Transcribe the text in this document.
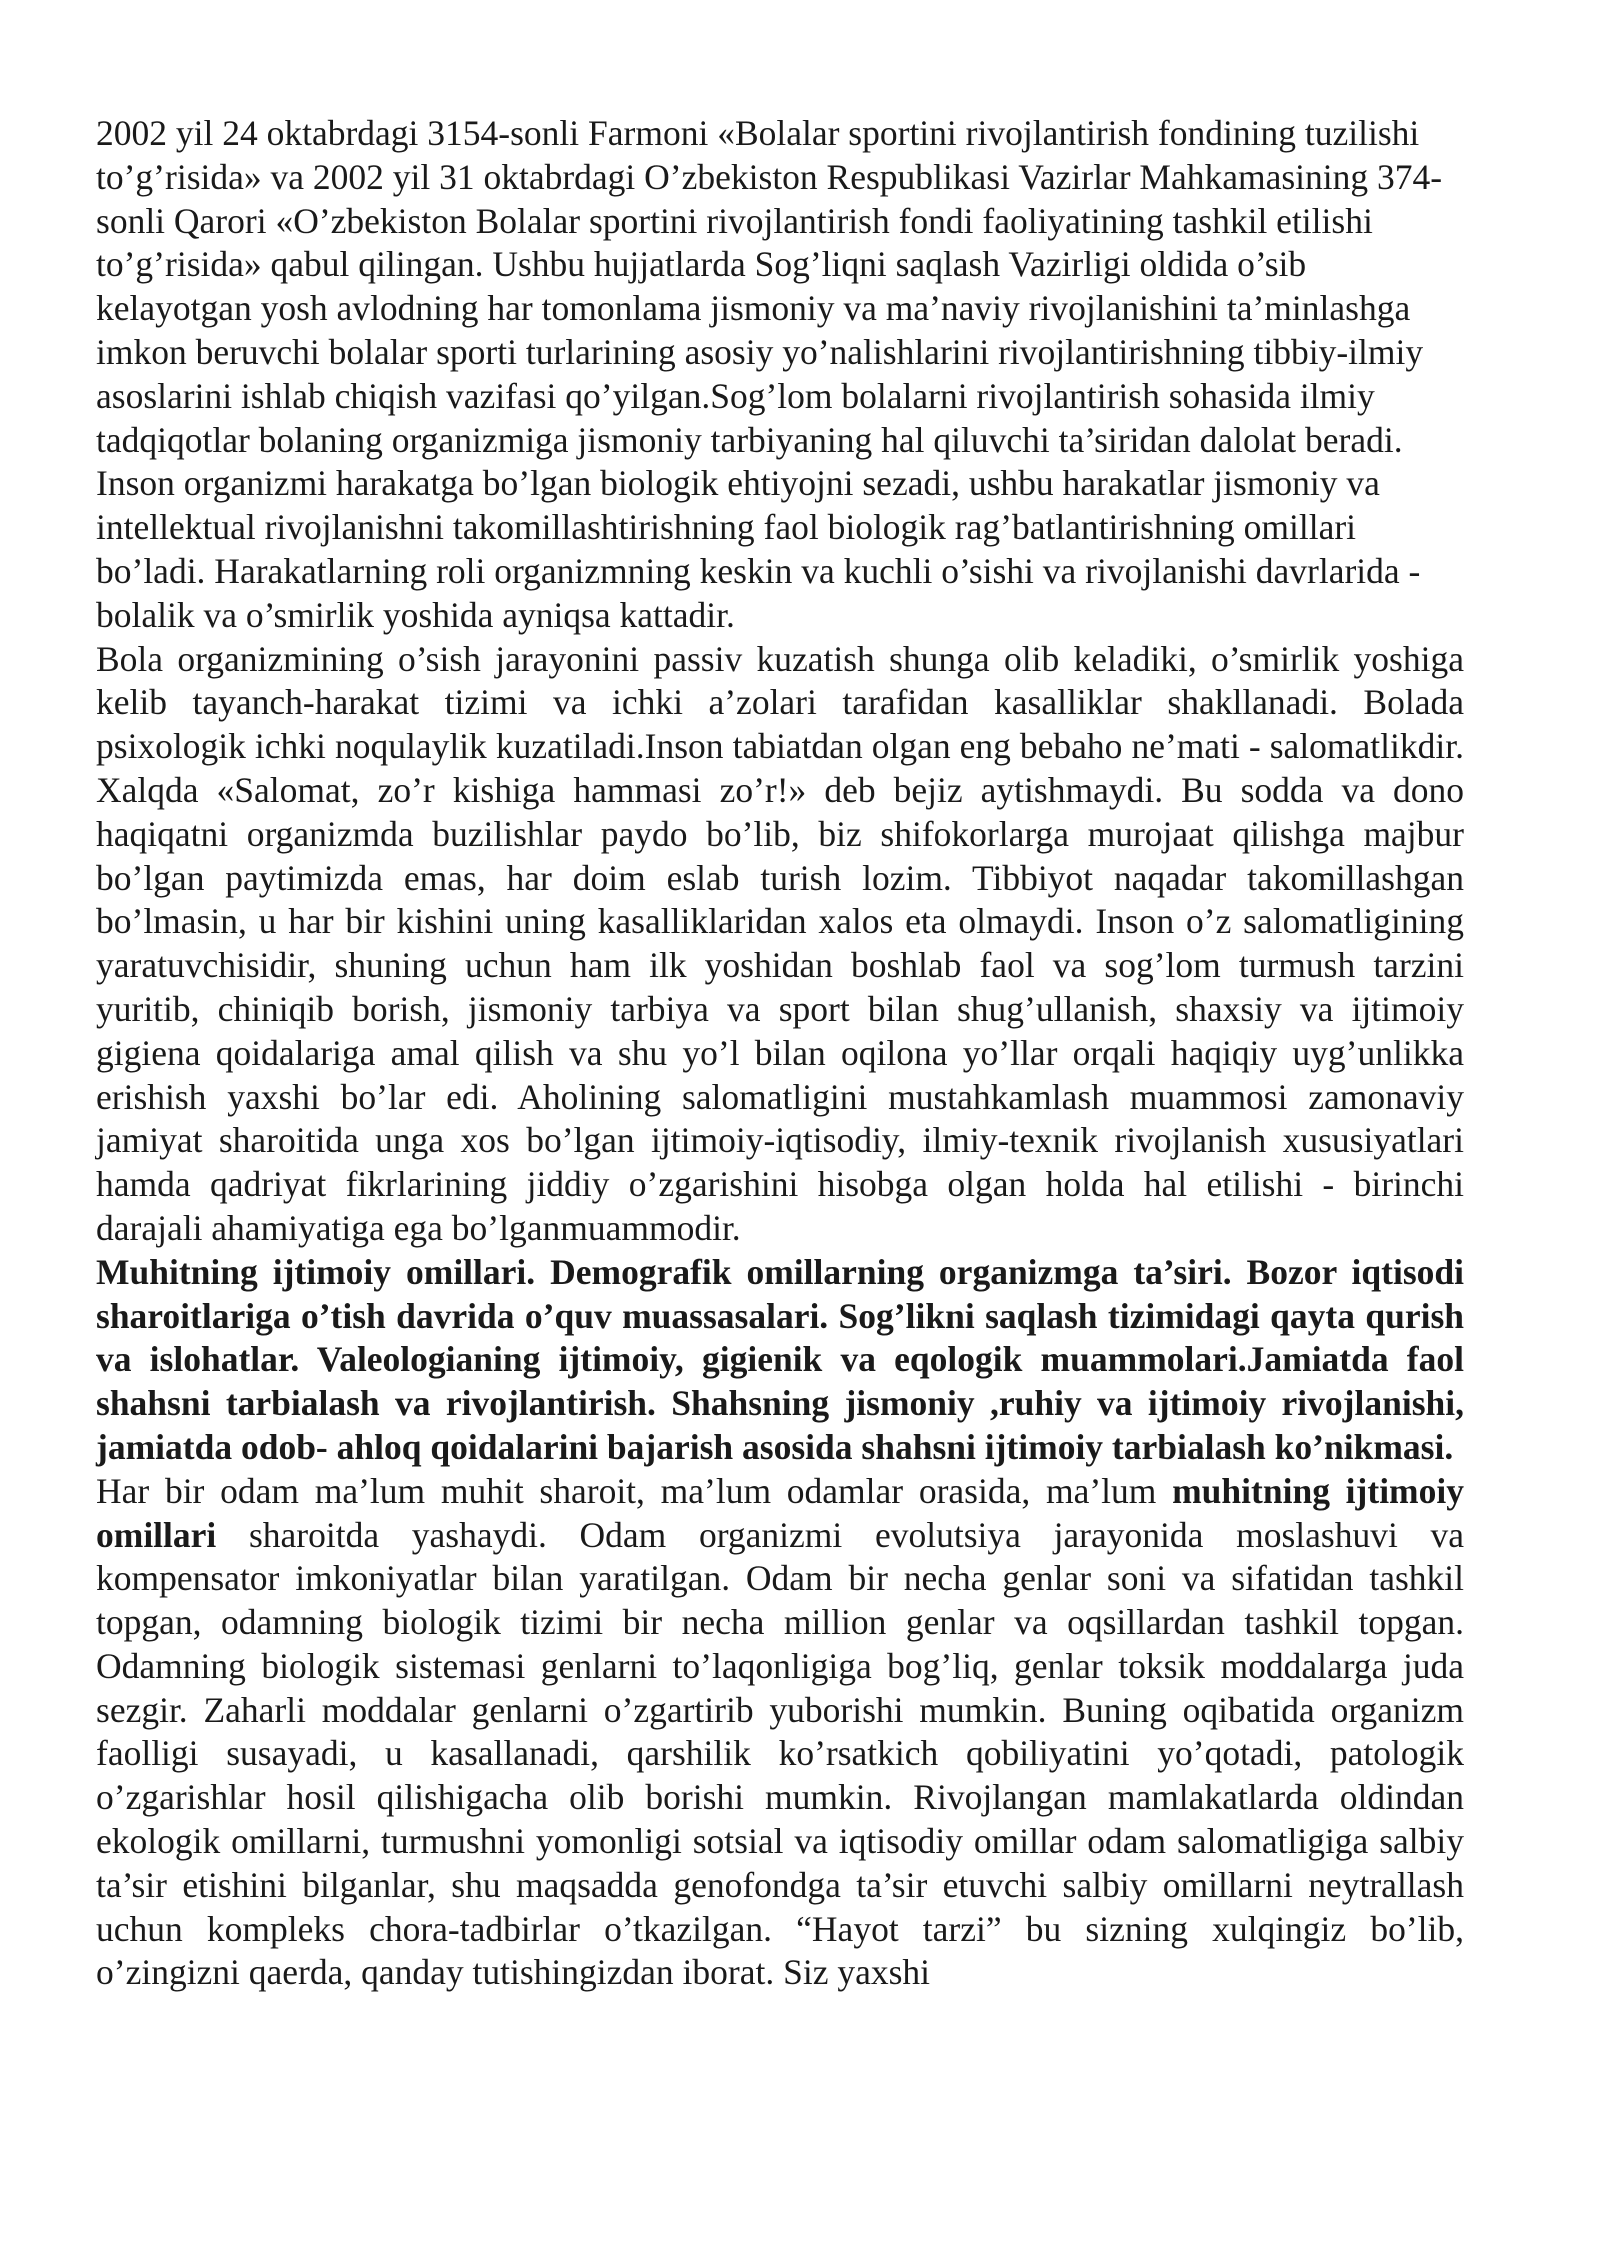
2002 yil 24 oktabrdagi 3154-sonli Farmoni «Bolalar sportini rivojlantirish fondining tuzilishi to’g’risida» va 2002 yil 31 oktabrdagi O’zbekiston Respublikasi Vazirlar Mahkamasining 374-sonli Qarori «O’zbekiston Bolalar sportini rivojlantirish fondi faoliyatining tashkil etilishi to’g’risida» qabul qilingan. Ushbu hujjatlarda Sog’liqni saqlash Vazirligi oldida o’sib kelayotgan yosh avlodning har tomonlama jismoniy va ma’naviy rivojlanishini ta’minlashga imkon beruvchi bolalar sporti turlarining asosiy yo’nalishlarini rivojlantirishning tibbiy-ilmiy asoslarini ishlab chiqish vazifasi qo’yilgan.Sog’lom bolalarni rivojlantirish sohasida ilmiy tadqiqotlar bolaning organizmiga jismoniy tarbiyaning hal qiluvchi ta’siridan dalolat beradi. Inson organizmi harakatga bo’lgan biologik ehtiyojni sezadi, ushbu harakatlar jismoniy va intellektual rivojlanishni takomillashtirishning faol biologik rag’batlantirishning omillari bo’ladi. Harakatlarning roli organizmning keskin va kuchli o’sishi va rivojlanishi davrlarida - bolalik va o’smirlik yoshida ayniqsa kattadir.

Bola organizmining o’sish jarayonini passiv kuzatish shunga olib keladiki, o’smirlik yoshiga kelib tayanch-harakat tizimi va ichki a’zolari tarafidan kasalliklar shakllanadi. Bolada psixologik ichki noqulaylik kuzatiladi.Inson tabiatdan olgan eng bebaho ne’mati - salomatlikdir. Xalqda «Salomat, zo’r kishiga hammasi zo’r!» deb bejiz aytishmaydi. Bu sodda va dono haqiqatni organizmda buzilishlar paydo bo’lib, biz shifokorlarga murojaat qilishga majbur bo’lgan paytimizda emas, har doim eslab turish lozim. Tibbiyot naqadar takomillashgan bo’lmasin, u har bir kishini uning kasalliklaridan xalos eta olmaydi. Inson o’z salomatligining yaratuvchisidir, shuning uchun ham ilk yoshidan boshlab faol va sog’lom turmush tarzini yuritib, chiniqib borish, jismoniy tarbiya va sport bilan shug’ullanish, shaxsiy va ijtimoiy gigiena qoidalariga amal qilish va shu yo’l bilan oqilona yo’llar orqali haqiqiy uyg’unlikka erishish yaxshi bo’lar edi. Aholining salomatligini mustahkamlash muammosi zamonaviy jamiyat sharoitida unga xos bo’lgan ijtimoiy-iqtisodiy, ilmiy-texnik rivojlanish xususiyatlari hamda qadriyat fikrlarining jiddiy o’zgarishini hisobga olgan holda hal etilishi - birinchi darajali ahamiyatiga ega bo’lganmuammodir.

Muhitning ijtimoiy omillari. Demografik omillarning organizmga ta’siri. Bozor iqtisodi sharoitlariga o’tish davrida o’quv muassasalari. Sog’likni saqlash tizimidagi qayta qurish va islohatlar. Valeologianing ijtimoiy, gigienik va eqologik muammolari.Jamiatda faol shahsni tarbialash va rivojlantirish. Shahsning jismoniy ,ruhiy va ijtimoiy rivojlanishi, jamiatda odob- ahloq qoidalarini bajarish asosida shahsni ijtimoiy tarbialash ko’nikmasi.

Har bir odam ma’lum muhit sharoit, ma’lum odamlar orasida, ma’lum muhitning ijtimoiy omillari sharoitda yashaydi. Odam organizmi evolutsiya jarayonida moslashuvi va kompensator imkoniyatlar bilan yaratilgan. Odam bir necha genlar soni va sifatidan tashkil topgan, odamning biologik tizimi bir necha million genlar va oqsillardan tashkil topgan. Odamning biologik sistemasi genlarni to’laqonligiga bog’liq, genlar toksik moddalarga juda sezgir. Zaharli moddalar genlarni o’zgartirib yuborishi mumkin. Buning oqibatida organizm faolligi susayadi, u kasallanadi, qarshilik ko’rsatkich qobiliyatini yo’qotadi, patologik o’zgarishlar hosil qilishigacha olib borishi mumkin. Rivojlangan mamlakatlarda oldindan ekologik omillarni, turmushni yomonligi sotsial va iqtisodiy omillar odam salomatligiga salbiy ta’sir etishini bilganlar, shu maqsadda genofondga ta’sir etuvchi salbiy omillarni neytrallash uchun kompleks chora-tadbirlar o’tkazilgan. “Hayot tarzi” bu sizning xulqingiz bo’lib, o’zingizni qaerda, qanday tutishingizdan iborat. Siz yaxshi
